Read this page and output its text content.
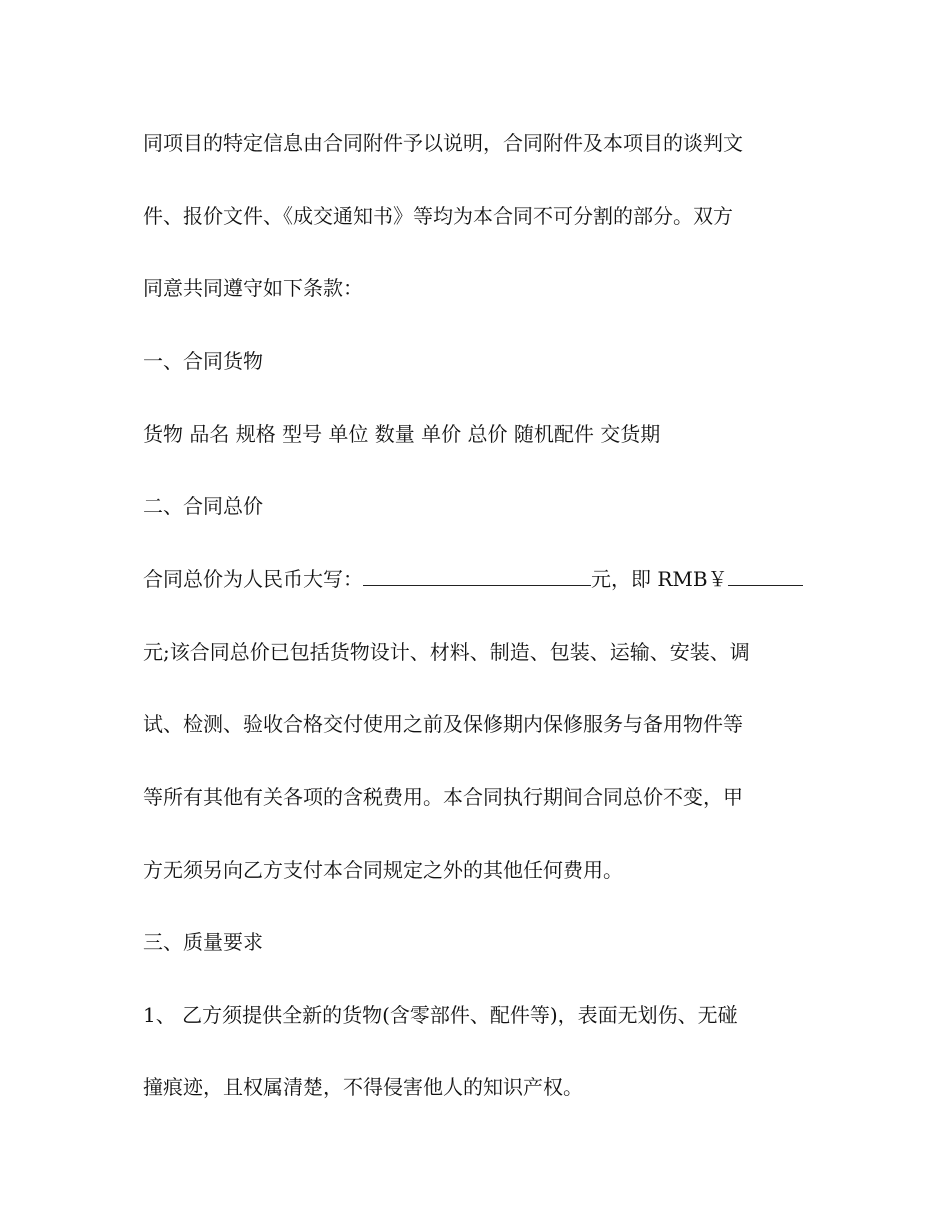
同项目的特定信息由合同附件予以说明，合同附件及本项目的谈判文

件、报价文件、《成交通知书》等均为本合同不可分割的部分。双方

同意共同遵守如下条款：

一、合同货物

货物 品名 规格 型号 单位 数量 单价 总价 随机配件 交货期

二、合同总价

合同总价为人民币大写：	元，即 RMB￥

元;该合同总价已包括货物设计、材料、制造、包装、运输、安装、调

试、检测、验收合格交付使用之前及保修期内保修服务与备用物件等

等所有其他有关各项的含税费用。本合同执行期间合同总价不变，甲

方无须另向乙方支付本合同规定之外的其他任何费用。

三、质量要求

1、 乙方须提供全新的货物(含零部件、配件等)，表面无划伤、无碰

撞痕迹，且权属清楚，不得侵害他人的知识产权。
